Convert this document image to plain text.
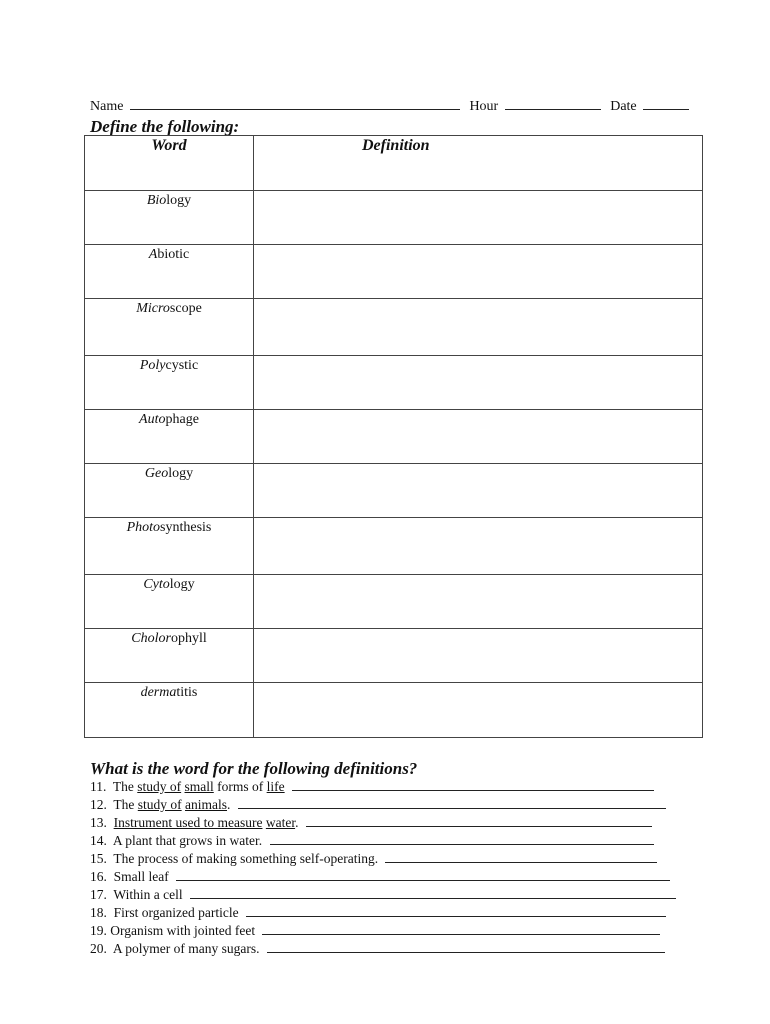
Name	Hour	Date
Define the following:
Word	Definition
Biology	
Abiotic	
Microscope	
Polycystic	
Autophage	
Geology	
Photosynthesis	
Cytology	
Cholorophyll	
dermatitis	
What is the word for the following definitions?
11. The study of small forms of life
12. The study of animals.
13. Instrument used to measure water.
14. A plant that grows in water.
15. The process of making something self-operating.
16. Small leaf
17. Within a cell
18. First organized particle
19. Organism with jointed feet
20. A polymer of many sugars.
